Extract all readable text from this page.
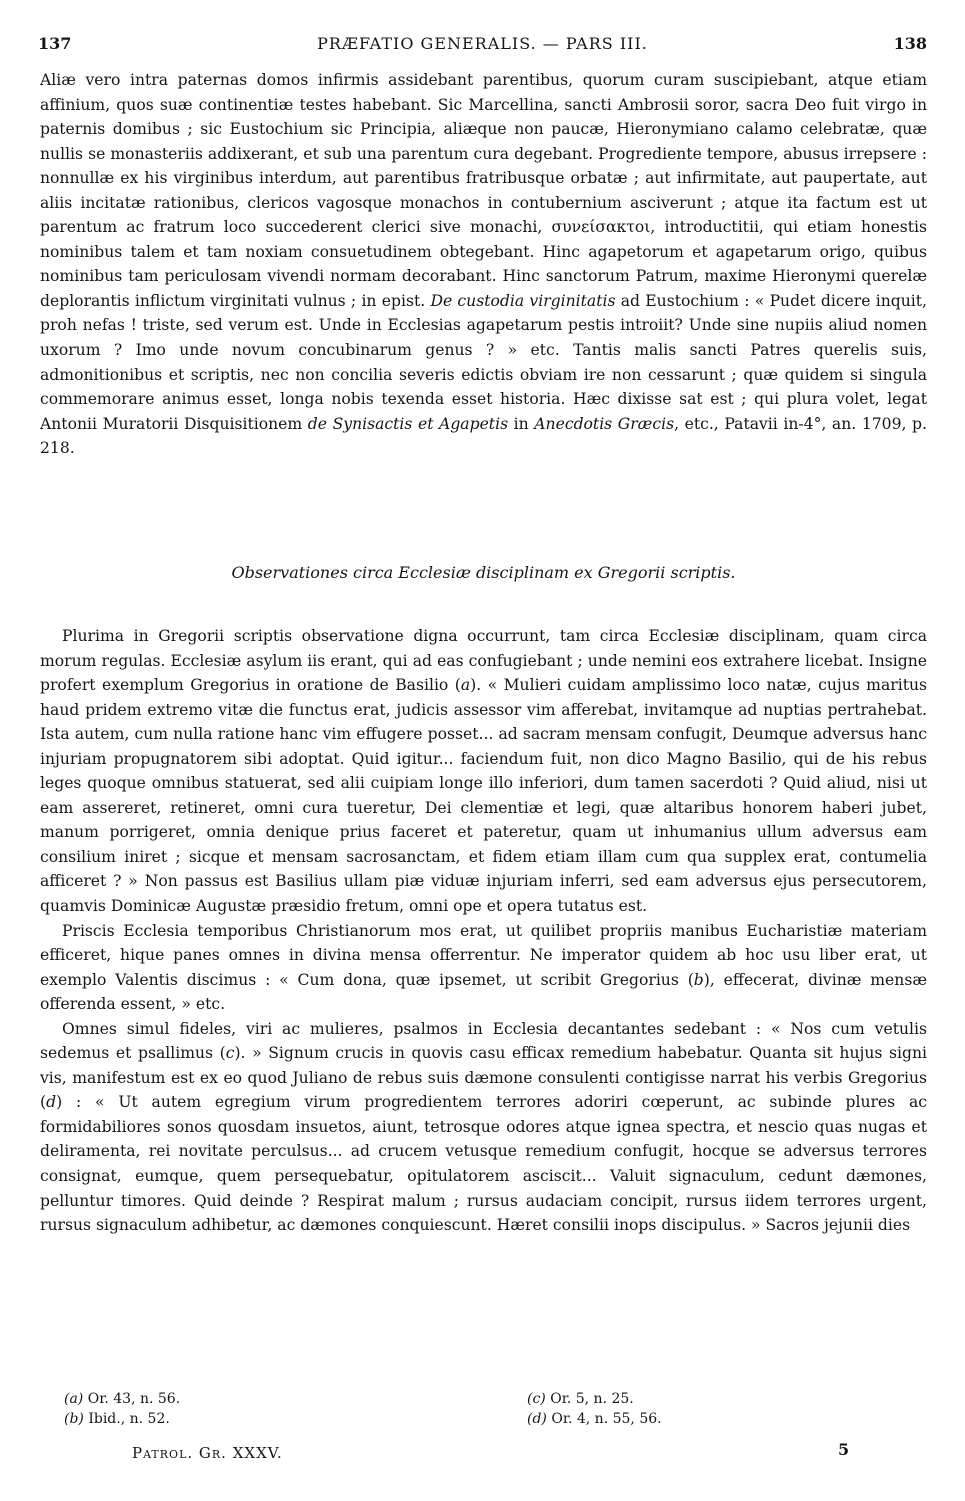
137	PRÆFATIO GENERALIS. — PARS III.	138

Aliæ vero intra paternas domos infirmis assidebant parentibus, quorum curam suscipiebant, atque etiam affinium, quos suæ continentiæ testes habebant. Sic Marcellina, sancti Ambrosii soror, sacra Deo fuit virgo in paternis domibus ; sic Eustochium sic Principia, aliæque non paucæ, Hieronymiano calamo celebratæ, quæ nullis se monasteriis addixerant, et sub una parentum cura degebant. Progrediente tempore, abusus irrepsere : nonnullæ ex his virginibus interdum, aut parentibus fratribusque orbatæ ; aut infirmitate, aut paupertate, aut aliis incitatæ rationibus, clericos vagosque monachos in contubernium asciverunt ; atque ita factum est ut parentum ac fratrum loco succederent clerici sive monachi, συνείσακτοι, introductitii, qui etiam honestis nominibus talem et tam noxiam consuetudinem obtegebant. Hinc agapetorum et agapetarum origo, quibus nominibus tam periculosam vivendi normam decorabant. Hinc sanctorum Patrum, maxime Hieronymi querelæ deplorantis inflictum virginitati vulnus ; in epist. De custodia virginitatis ad Eustochium : « Pudet dicere inquit, proh nefas ! triste, sed verum est. Unde in Ecclesias agapetarum pestis introiit? Unde sine nupiis aliud nomen uxorum ? Imo unde novum concubinarum genus ? » etc. Tantis malis sancti Patres querelis suis, admonitionibus et scriptis, nec non concilia severis edictis obviam ire non cessarunt ; quæ quidem si singula commemorare animus esset, longa nobis texenda esset historia. Hæc dixisse sat est ; qui plura volet, legat Antonii Muratorii Disquisitionem de Synisactis et Agapetis in Anecdotis Græcis, etc., Patavii in-4°, an. 1709, p. 218.

Observationes circa Ecclesiæ disciplinam ex Gregorii scriptis.

Plurima in Gregorii scriptis observatione digna occurrunt, tam circa Ecclesiæ disciplinam, quam circa morum regulas. Ecclesiæ asylum iis erant, qui ad eas confugiebant ; unde nemini eos extrahere licebat. Insigne profert exemplum Gregorius in oratione de Basilio (a). « Mulieri cuidam amplissimo loco natæ, cujus maritus haud pridem extremo vitæ die functus erat, judicis assessor vim afferebat, invitamque ad nuptias pertrahebat. Ista autem, cum nulla ratione hanc vim effugere posset... ad sacram mensam confugit, Deumque adversus hanc injuriam propugnatorem sibi adoptat. Quid igitur... faciendum fuit, non dico Magno Basilio, qui de his rebus leges quoque omnibus statuerat, sed alii cuipiam longe illo inferiori, dum tamen sacerdoti ? Quid aliud, nisi ut eam assereret, retineret, omni cura tueretur, Dei clementiæ et legi, quæ altaribus honorem haberi jubet, manum porrigeret, omnia denique prius faceret et pateretur, quam ut inhumanius ullum adversus eam consilium iniret ; sicque et mensam sacrosanctam, et fidem etiam illam cum qua supplex erat, contumelia afficeret ? » Non passus est Basilius ullam piæ viduæ injuriam inferri, sed eam adversus ejus persecutorem, quamvis Dominicæ Augustæ præsidio fretum, omni ope et opera tutatus est.

Priscis Ecclesia temporibus Christianorum mos erat, ut quilibet propriis manibus Eucharistiæ materiam efficeret, hique panes omnes in divina mensa offerrentur. Ne imperator quidem ab hoc usu liber erat, ut exemplo Valentis discimus : « Cum dona, quæ ipsemet, ut scribit Gregorius (b), effecerat, divinæ mensæ offerenda essent, » etc.

Omnes simul fideles, viri ac mulieres, psalmos in Ecclesia decantantes sedebant : « Nos cum vetulis sedemus et psallimus (c). » Signum crucis in quovis casu efficax remedium habebatur. Quanta sit hujus signi vis, manifestum est ex eo quod Juliano de rebus suis dæmone consulenti contigisse narrat his verbis Gregorius (d) : « Ut autem egregium virum progredientem terrores adoriri cœperunt, ac subinde plures ac formidabiliores sonos quosdam insuetos, aiunt, tetrosque odores atque ignea spectra, et nescio quas nugas et deliramenta, rei novitate perculsus... ad crucem vetusque remedium confugit, hocque se adversus terrores consignat, eumque, quem persequebatur, opitulatorem asciscit... Valuit signaculum, cedunt dæmones, pelluntur timores. Quid deinde ? Respirat malum ; rursus audaciam concipit, rursus iidem terrores urgent, rursus signaculum adhibetur, ac dæmones conquiescunt. Hæret consilii inops discipulus. » Sacros jejunii dies

(a) Or. 43, n. 56.
(b) Ibid., n. 52.
(c) Or. 5, n. 25.
(d) Or. 4, n. 55, 56.
Patrol. Gr. XXXV.	5
